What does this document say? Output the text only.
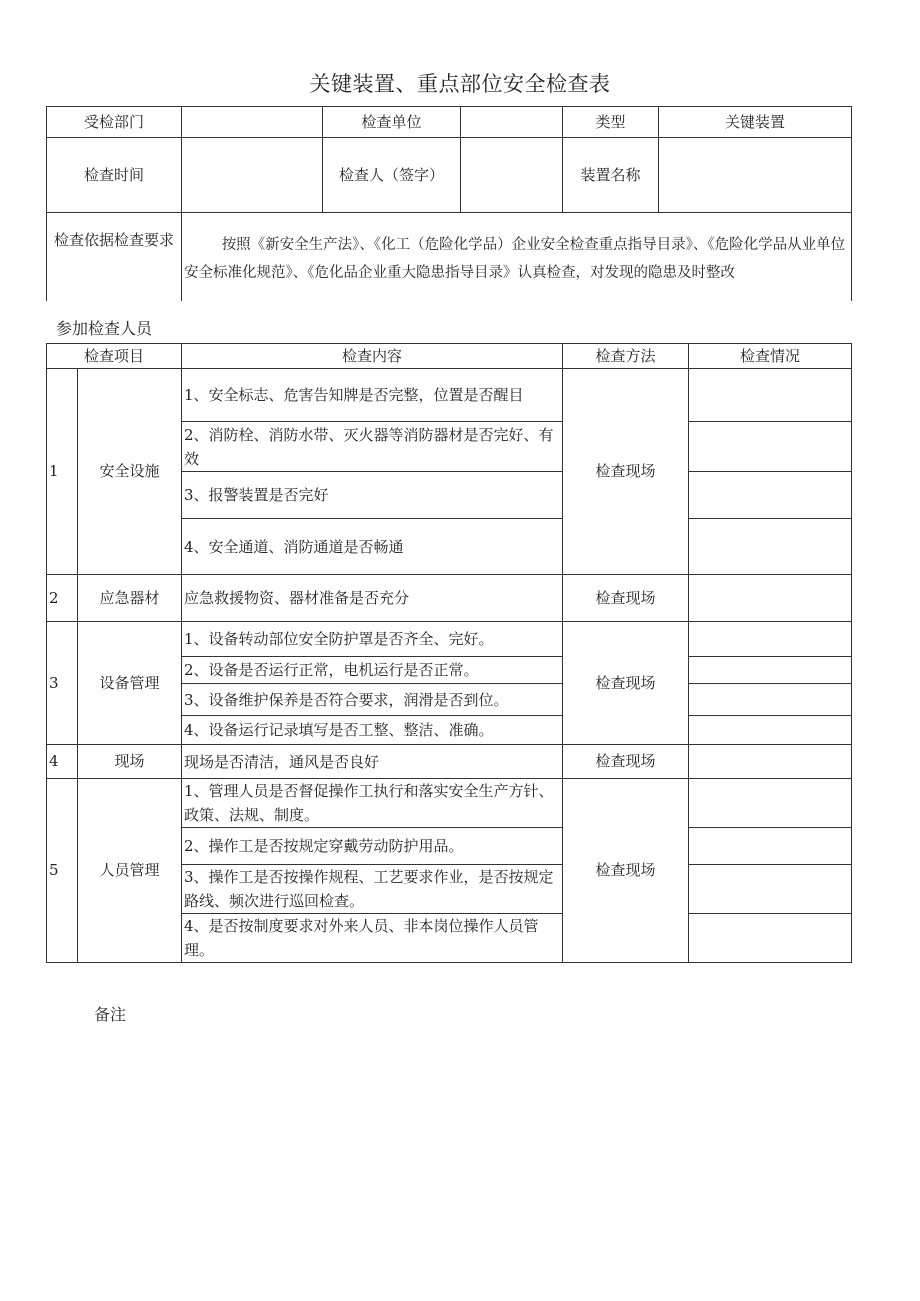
关键装置、重点部位安全检查表
受检部门		检查单位		类型	关键装置
检查时间		检查人（签字）		装置名称	
检查依据检查要求	按照《新安全生产法》、《化工（危险化学品）企业安全检查重点指导目录》、《危险化学品从业单位安全标准化规范》、《危化品企业重大隐患指导目录》认真检查，对发现的隐患及时整改				
参加检查人员
检查项目		检查内容	检查方法	检查情况
1	安全设施	1、安全标志、危害告知牌是否完整，位置是否醒目	检查现场	
		2、消防栓、消防水带、灭火器等消防器材是否完好、有效		
		3、报警装置是否完好		
		4、安全通道、消防通道是否畅通		
2	应急器材	应急救援物资、器材准备是否充分	检查现场	
3	设备管理	1、设备转动部位安全防护罩是否齐全、完好。	检查现场	
		2、设备是否运行正常，电机运行是否正常。		
		3、设备维护保养是否符合要求，润滑是否到位。		
		4、设备运行记录填写是否工整、整洁、准确。		
4	现场	现场是否清洁，通风是否良好	检查现场	
5	人员管理	1、管理人员是否督促操作工执行和落实安全生产方针、政策、法规、制度。	检查现场	
		2、操作工是否按规定穿戴劳动防护用品。		
		3、操作工是否按操作规程、工艺要求作业，是否按规定路线、频次进行巡回检查。		
		4、是否按制度要求对外来人员、非本岗位操作人员管理。		
备注
